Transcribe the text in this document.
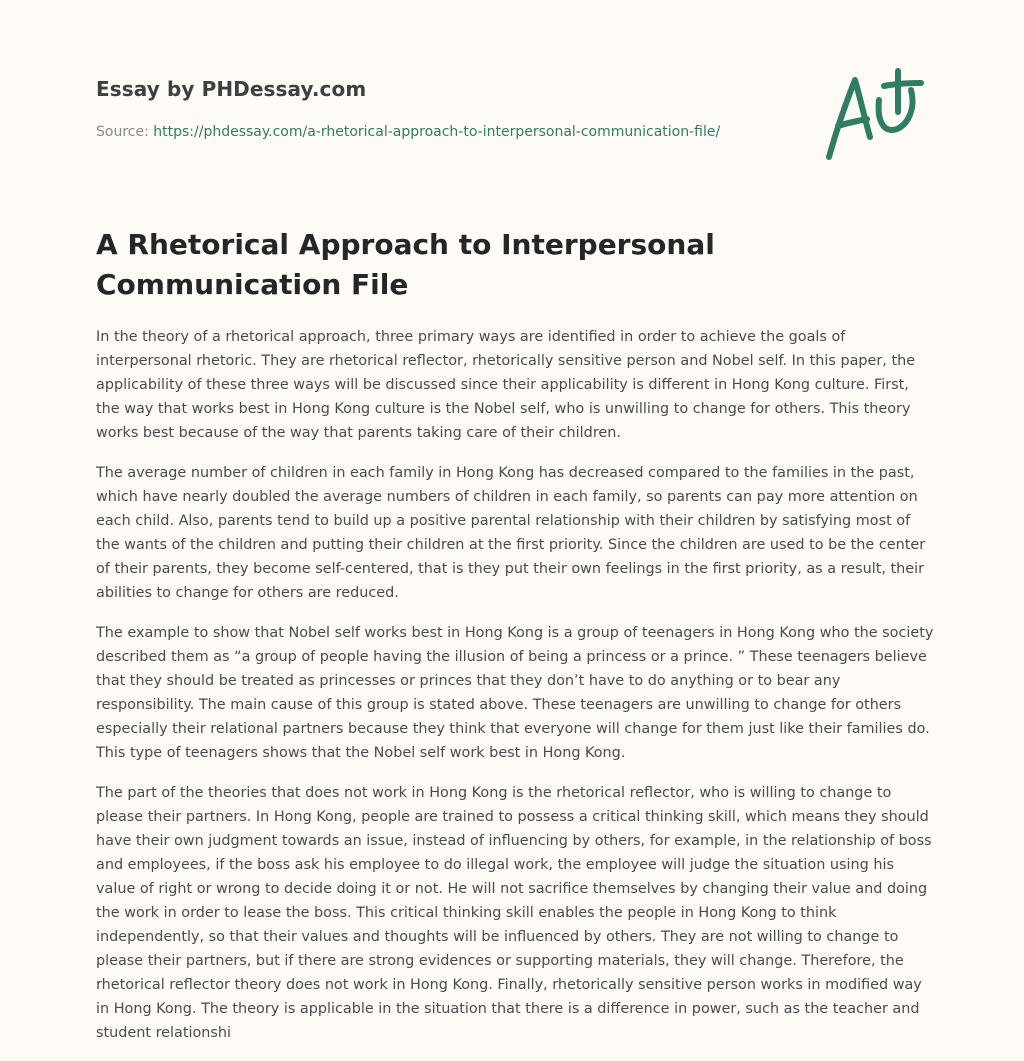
Essay by PHDessay.com
Source: https://phdessay.com/a-rhetorical-approach-to-interpersonal-communication-file/
A Rhetorical Approach to Interpersonal Communication File

In the theory of a rhetorical approach, three primary ways are identified in order to achieve the goals of interpersonal rhetoric. They are rhetorical reflector, rhetorically sensitive person and Nobel self. In this paper, the applicability of these three ways will be discussed since their applicability is different in Hong Kong culture. First, the way that works best in Hong Kong culture is the Nobel self, who is unwilling to change for others. This theory works best because of the way that parents taking care of their children.

The average number of children in each family in Hong Kong has decreased compared to the families in the past, which have nearly doubled the average numbers of children in each family, so parents can pay more attention on each child. Also, parents tend to build up a positive parental relationship with their children by satisfying most of the wants of the children and putting their children at the first priority. Since the children are used to be the center of their parents, they become self-centered, that is they put their own feelings in the first priority, as a result, their abilities to change for others are reduced.

The example to show that Nobel self works best in Hong Kong is a group of teenagers in Hong Kong who the society described them as “a group of people having the illusion of being a princess or a prince. ” These teenagers believe that they should be treated as princesses or princes that they don’t have to do anything or to bear any responsibility. The main cause of this group is stated above. These teenagers are unwilling to change for others especially their relational partners because they think that everyone will change for them just like their families do. This type of teenagers shows that the Nobel self work best in Hong Kong.

The part of the theories that does not work in Hong Kong is the rhetorical reflector, who is willing to change to please their partners. In Hong Kong, people are trained to possess a critical thinking skill, which means they should have their own judgment towards an issue, instead of influencing by others, for example, in the relationship of boss and employees, if the boss ask his employee to do illegal work, the employee will judge the situation using his value of right or wrong to decide doing it or not. He will not sacrifice themselves by changing their value and doing the work in order to lease the boss. This critical thinking skill enables the people in Hong Kong to think independently, so that their values and thoughts will be influenced by others. They are not willing to change to please their partners, but if there are strong evidences or supporting materials, they will change. Therefore, the rhetorical reflector theory does not work in Hong Kong. Finally, rhetorically sensitive person works in modified way in Hong Kong. The theory is applicable in the situation that there is a difference in power, such as the teacher and student relationshi
